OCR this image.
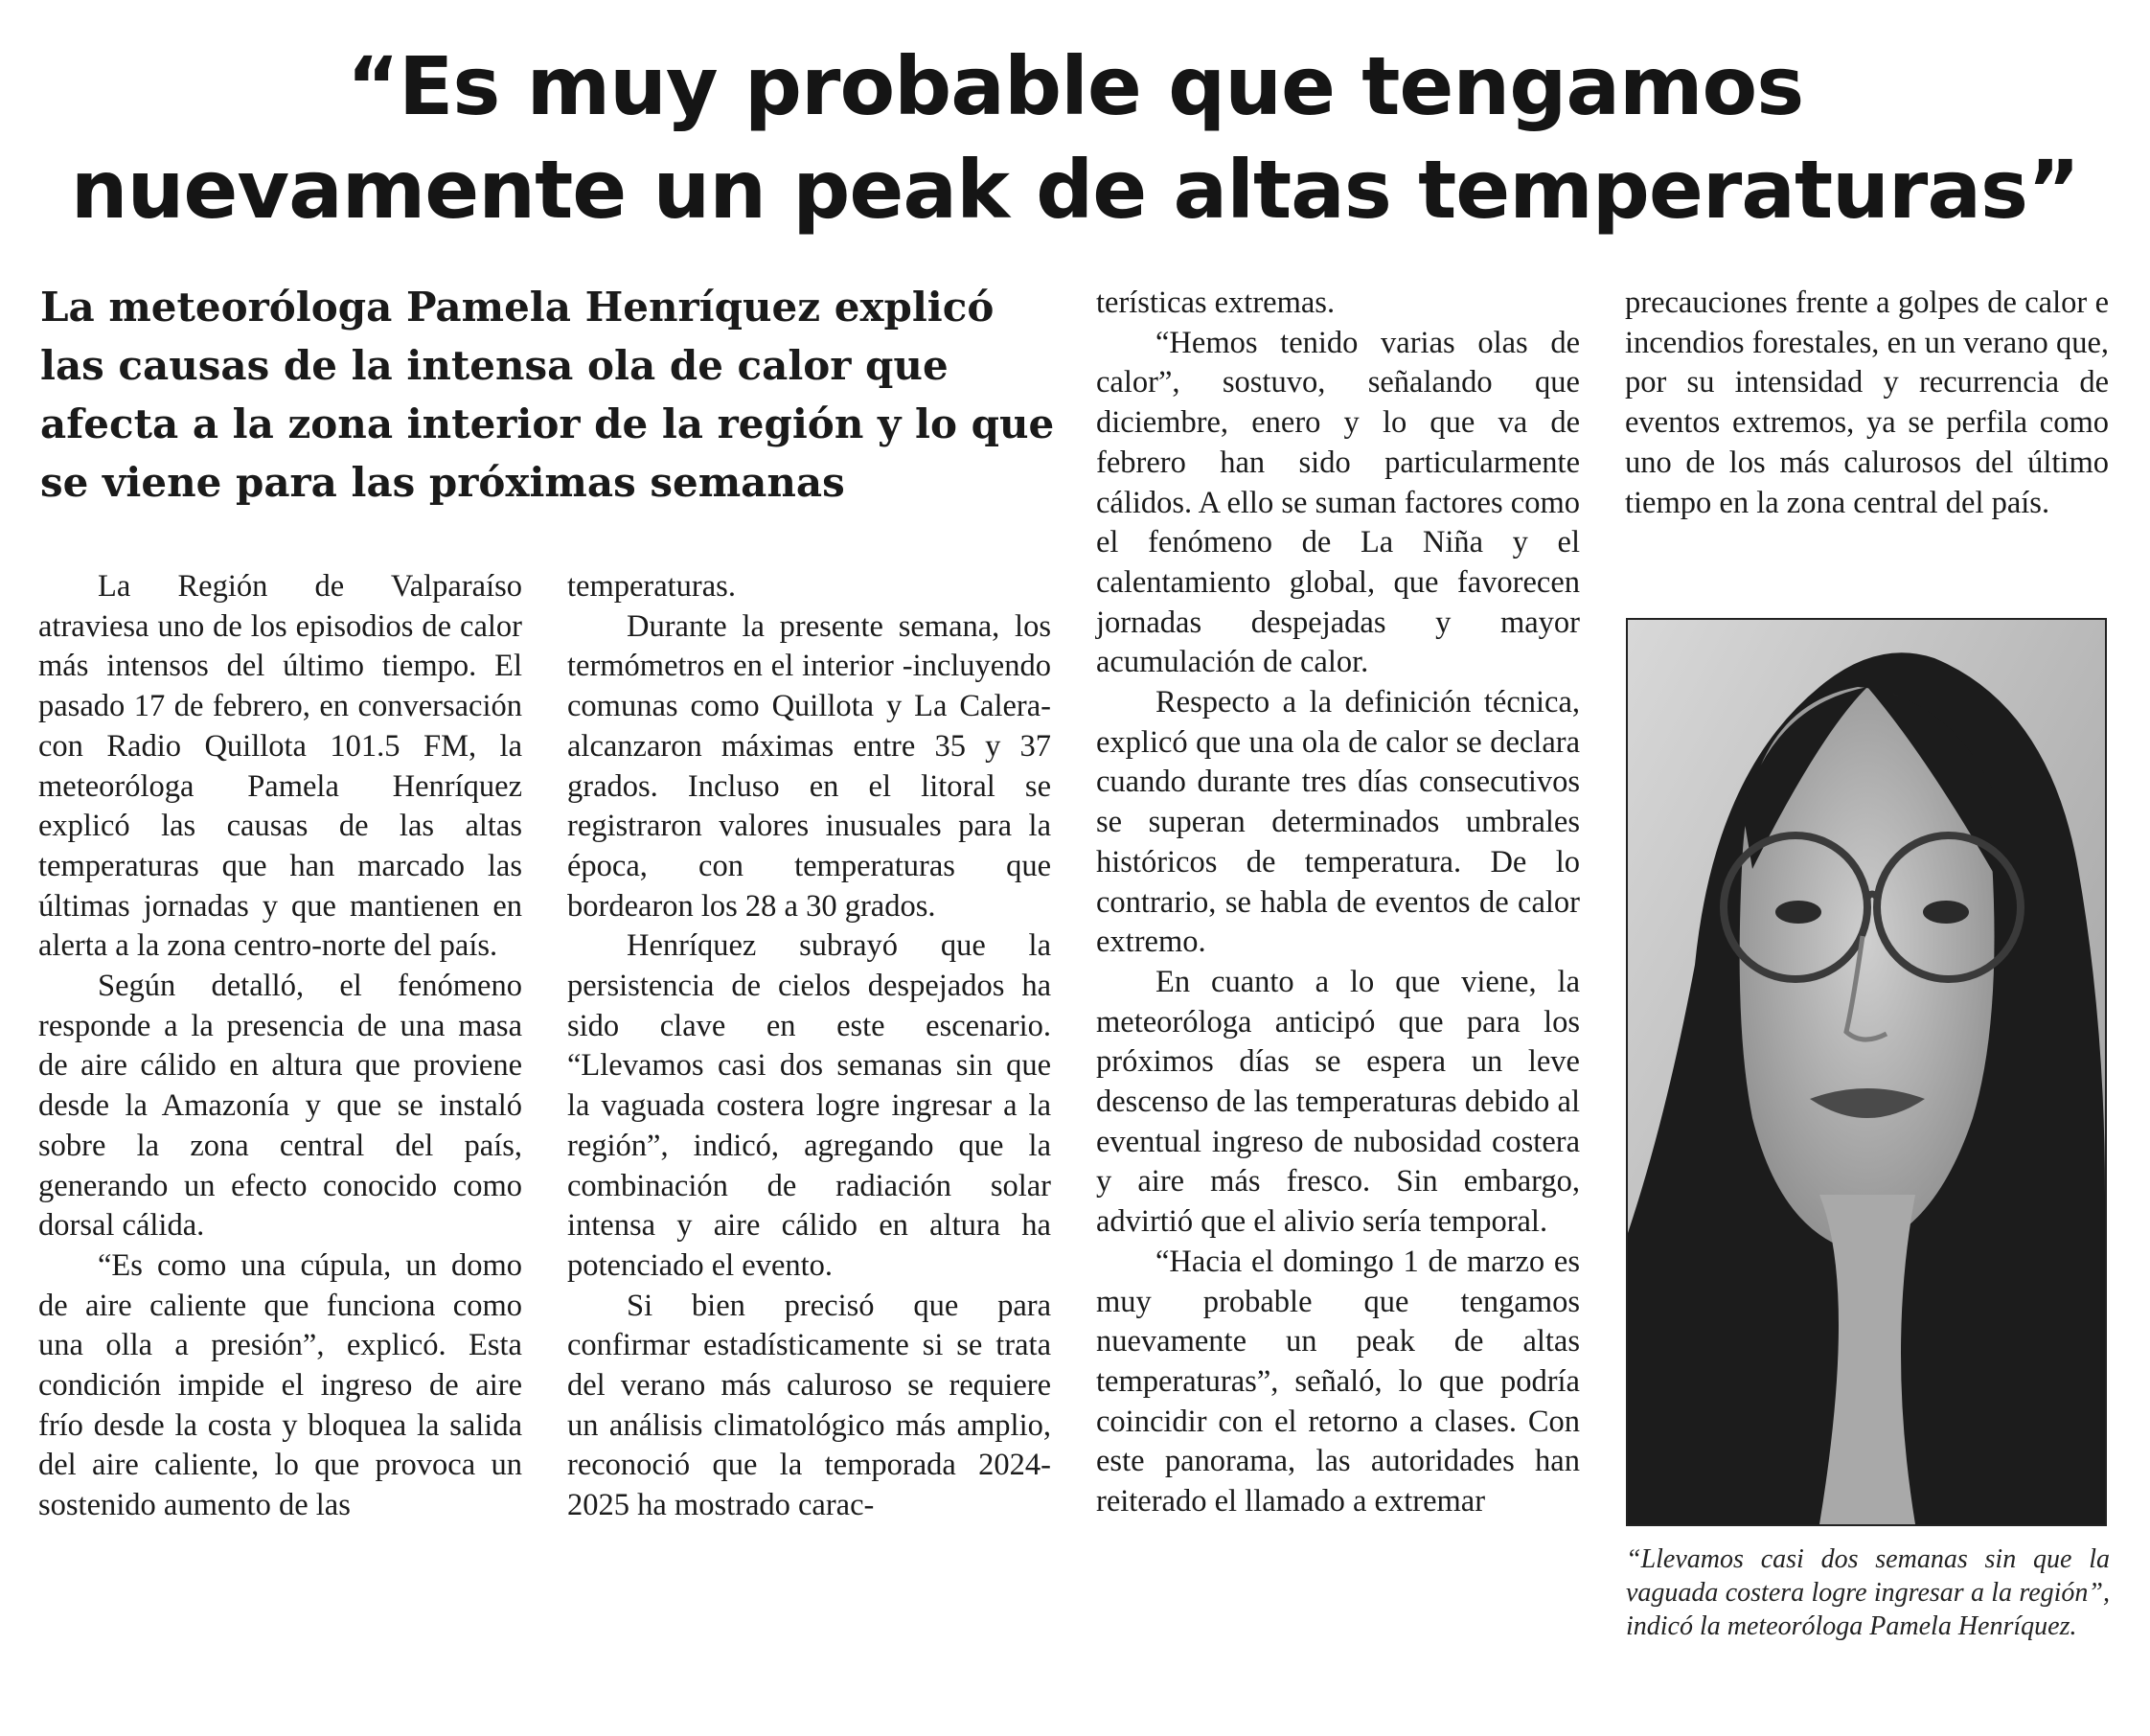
“Es muy probable que tengamos
nuevamente un peak de altas temperaturas”
La meteoróloga Pamela Henríquez explicó las causas de la intensa ola de calor que afecta a la zona interior de la región y lo que se viene para las próximas semanas

La Región de Valparaíso atraviesa uno de los episodios de calor más intensos del último tiempo. El pasado 17 de febrero, en conversación con Radio Quillota 101.5 FM, la meteoróloga Pamela Henríquez explicó las causas de las altas temperaturas que han marcado las últimas jornadas y que mantienen en alerta a la zona centro-norte del país.

Según detalló, el fenómeno responde a la presencia de una masa de aire cálido en altura que proviene desde la Amazonía y que se instaló sobre la zona central del país, generando un efecto conocido como dorsal cálida.

“Es como una cúpula, un domo de aire caliente que funciona como una olla a presión”, explicó. Esta condición impide el ingreso de aire frío desde la costa y bloquea la salida del aire caliente, lo que provoca un sostenido aumento de las

temperaturas.

Durante la presente semana, los termómetros en el interior -incluyendo comunas como Quillota y La Calera- alcanzaron máximas entre 35 y 37 grados. Incluso en el litoral se registraron valores inusuales para la época, con temperaturas que bordearon los 28 a 30 grados.

Henríquez subrayó que la persistencia de cielos despejados ha sido clave en este escenario. “Llevamos casi dos semanas sin que la vaguada costera logre ingresar a la región”, indicó, agregando que la combinación de radiación solar intensa y aire cálido en altura ha potenciado el evento.

Si bien precisó que para confirmar estadísticamente si se trata del verano más caluroso se requiere un análisis climatológico más amplio, reconoció que la temporada 2024-2025 ha mostrado carac-

terísticas extremas.

“Hemos tenido varias olas de calor”, sostuvo, señalando que diciembre, enero y lo que va de febrero han sido particularmente cálidos. A ello se suman factores como el fenómeno de La Niña y el calentamiento global, que favorecen jornadas despejadas y mayor acumulación de calor.

Respecto a la definición técnica, explicó que una ola de calor se declara cuando durante tres días consecutivos se superan determinados umbrales históricos de temperatura. De lo contrario, se habla de eventos de calor extremo.

En cuanto a lo que viene, la meteoróloga anticipó que para los próximos días se espera un leve descenso de las temperaturas debido al eventual ingreso de nubosidad costera y aire más fresco. Sin embargo, advirtió que el alivio sería temporal.

“Hacia el domingo 1 de marzo es muy probable que tengamos nuevamente un peak de altas temperaturas”, señaló, lo que podría coincidir con el retorno a clases. Con este panorama, las autoridades han reiterado el llamado a extremar

precauciones frente a golpes de calor e incendios forestales, en un verano que, por su intensidad y recurrencia de eventos extremos, ya se perfila como uno de los más calurosos del último tiempo en la zona central del país.

“Llevamos casi dos semanas sin que la vaguada costera logre ingresar a la región”, indicó la meteoróloga Pamela Henríquez.
